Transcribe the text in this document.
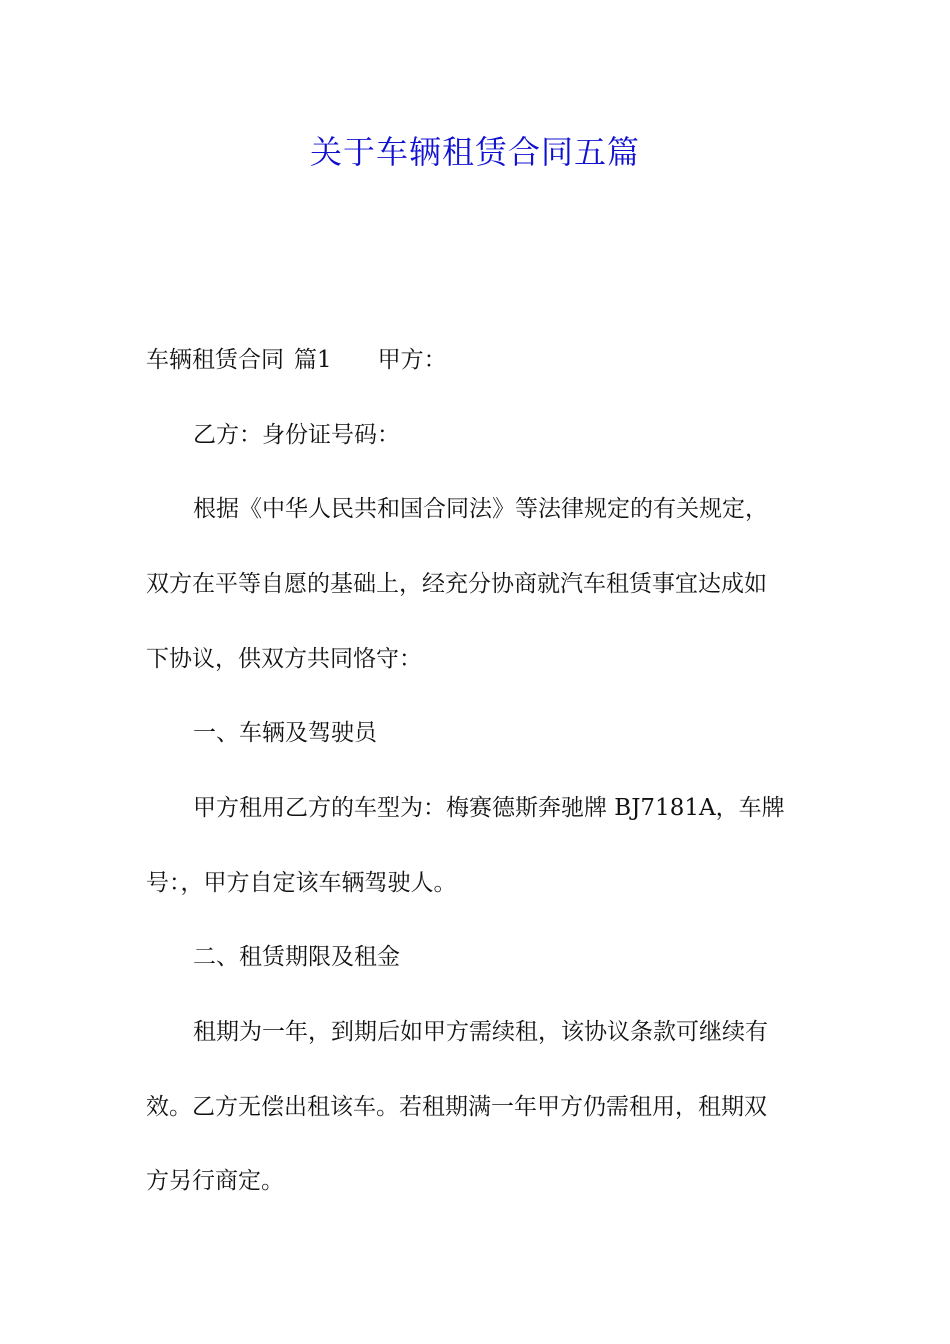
关于车辆租赁合同五篇
车辆租赁合同 篇1 甲方：
乙方：身份证号码：
根据《中华人民共和国合同法》等法律规定的有关规定，
双方在平等自愿的基础上，经充分协商就汽车租赁事宜达成如
下协议，供双方共同恪守：
一、车辆及驾驶员
甲方租用乙方的车型为：梅赛德斯奔驰牌 BJ7181A，车牌
号：，甲方自定该车辆驾驶人。
二、租赁期限及租金
租期为一年，到期后如甲方需续租，该协议条款可继续有
效。乙方无偿出租该车。若租期满一年甲方仍需租用，租期双
方另行商定。
